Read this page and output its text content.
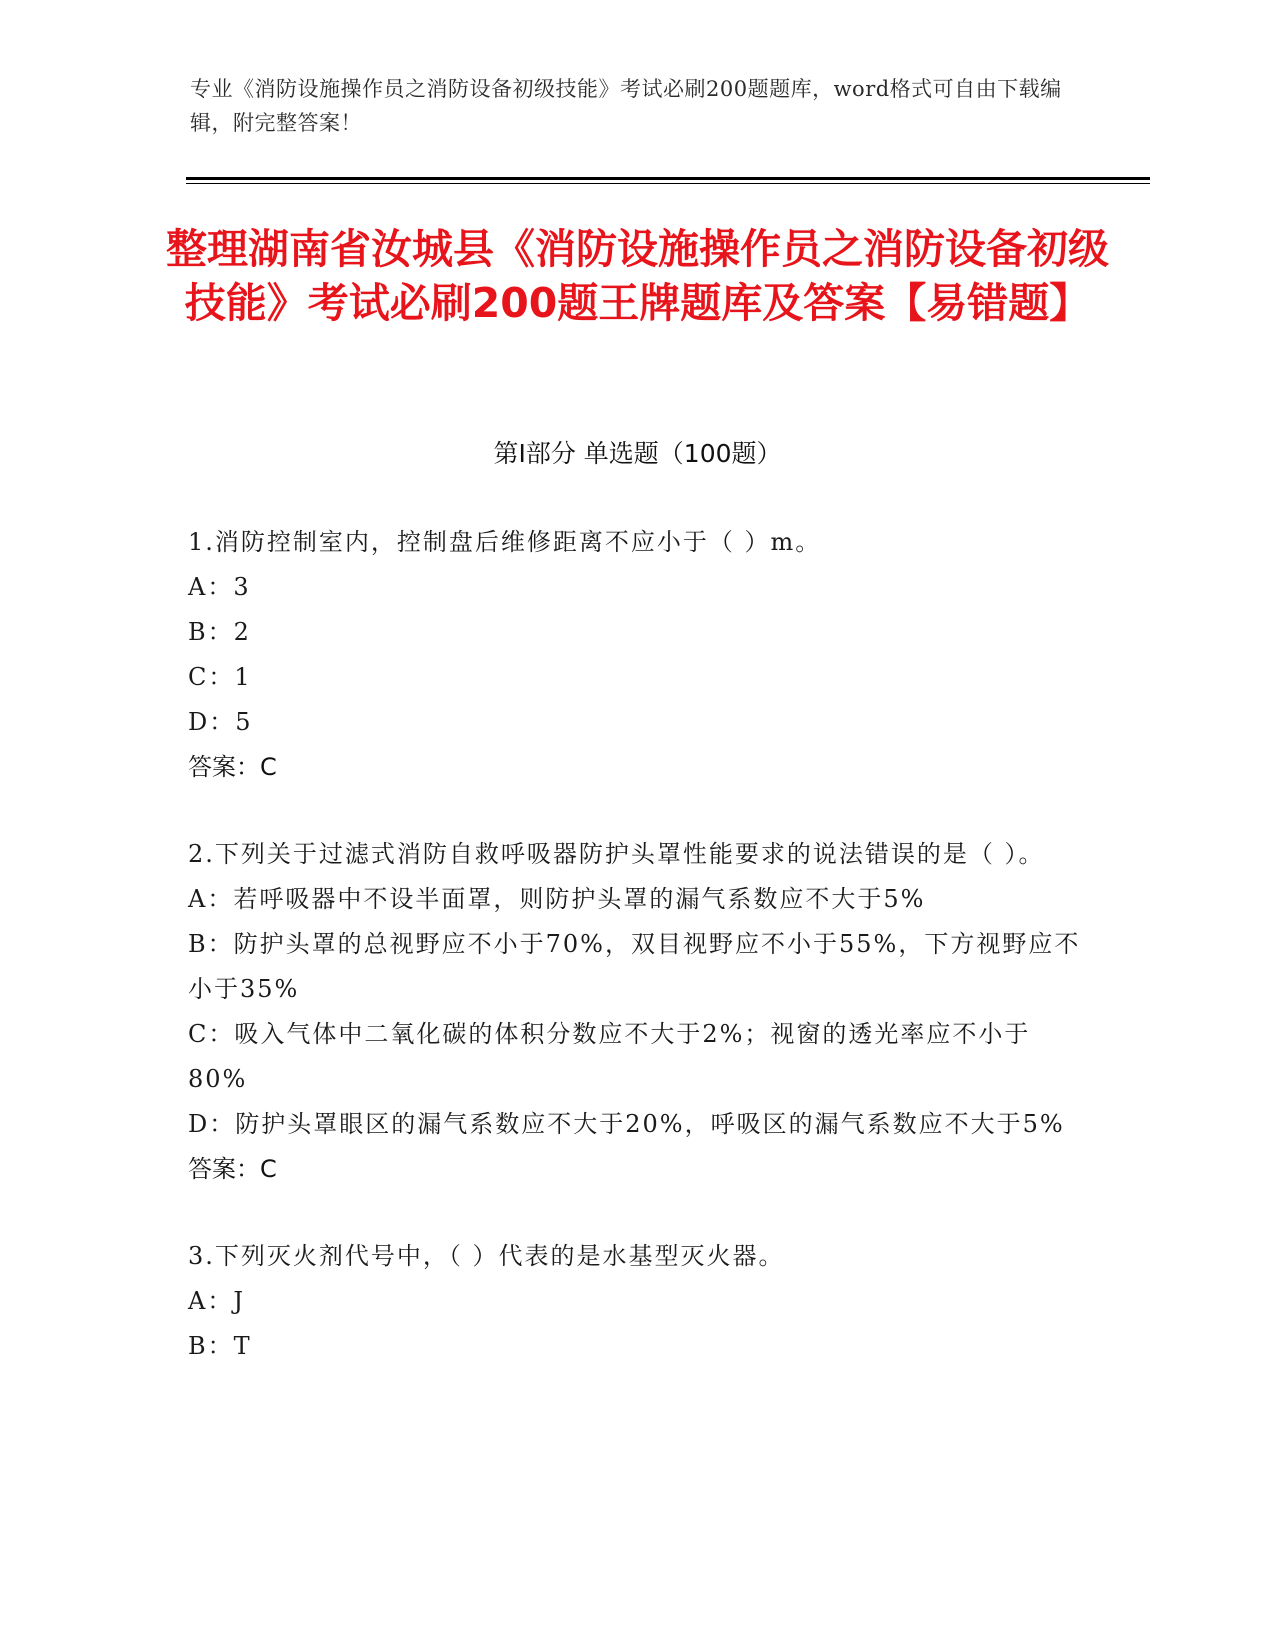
专业《消防设施操作员之消防设备初级技能》考试必刷200题题库，word格式可自由下载编辑，附完整答案！
整理湖南省汝城县《消防设施操作员之消防设备初级技能》考试必刷200题王牌题库及答案【易错题】
第I部分 单选题（100题）
1.消防控制室内，控制盘后维修距离不应小于（ ）m。
A：3
B：2
C：1
D：5
答案：C
2.下列关于过滤式消防自救呼吸器防护头罩性能要求的说法错误的是（ ）。
A：若呼吸器中不设半面罩，则防护头罩的漏气系数应不大于5%
B：防护头罩的总视野应不小于70%，双目视野应不小于55%，下方视野应不小于35%
C：吸入气体中二氧化碳的体积分数应不大于2%；视窗的透光率应不小于80%
D：防护头罩眼区的漏气系数应不大于20%，呼吸区的漏气系数应不大于5%
答案：C
3.下列灭火剂代号中，（ ）代表的是水基型灭火器。
A：J
B：T
